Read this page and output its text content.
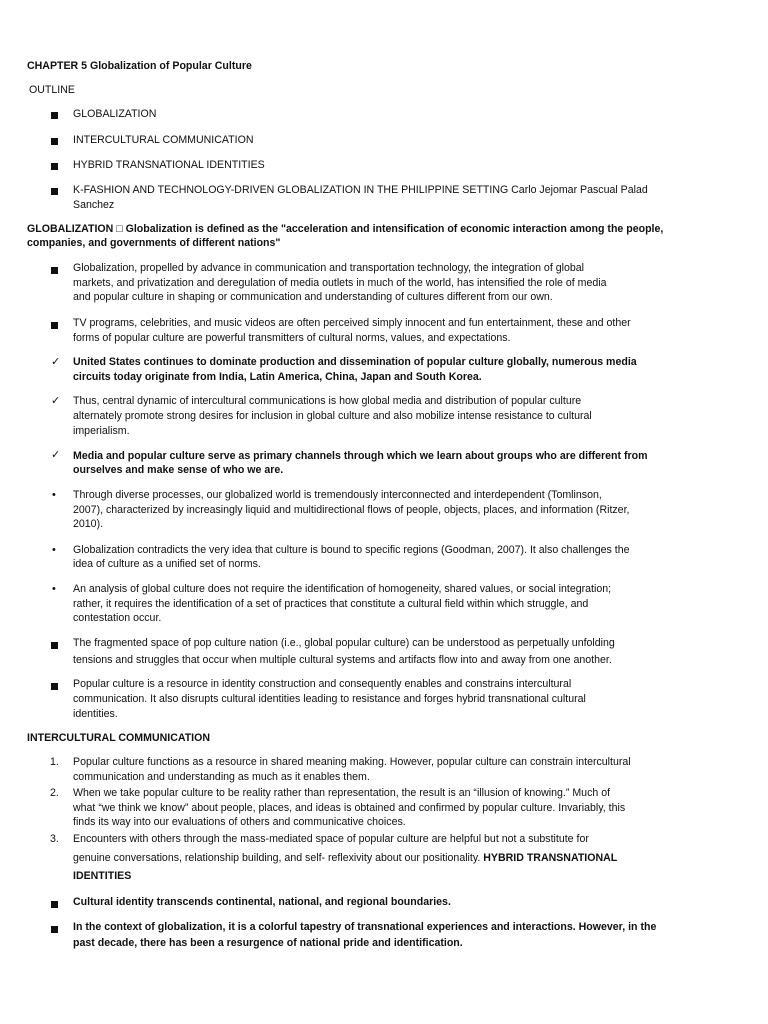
CHAPTER 5 Globalization of Popular Culture

OUTLINE

GLOBALIZATION

INTERCULTURAL COMMUNICATION

HYBRID TRANSNATIONAL IDENTITIES

K-FASHION AND TECHNOLOGY-DRIVEN GLOBALIZATION IN THE PHILIPPINE SETTING Carlo Jejomar Pascual Palad

Sanchez

GLOBALIZATION □ Globalization is defined as the "acceleration and intensification of economic interaction among the people,

companies, and governments of different nations"

Globalization, propelled by advance in communication and transportation technology, the integration of global

markets, and privatization and deregulation of media outlets in much of the world, has intensified the role of media

and popular culture in shaping or communication and understanding of cultures different from our own.

TV programs, celebrities, and music videos are often perceived simply innocent and fun entertainment, these and other

forms of popular culture are powerful transmitters of cultural norms, values, and expectations.

✓ United States continues to dominate production and dissemination of popular culture globally, numerous media

circuits today originate from India, Latin America, China, Japan and South Korea.

✓ Thus, central dynamic of intercultural communications is how global media and distribution of popular culture

alternately promote strong desires for inclusion in global culture and also mobilize intense resistance to cultural

imperialism.

✓ Media and popular culture serve as primary channels through which we learn about groups who are different from

ourselves and make sense of who we are.

• Through diverse processes, our globalized world is tremendously interconnected and interdependent (Tomlinson,

2007), characterized by increasingly liquid and multidirectional flows of people, objects, places, and information (Ritzer,

2010).

• Globalization contradicts the very idea that culture is bound to specific regions (Goodman, 2007). It also challenges the

idea of culture as a unified set of norms.

• An analysis of global culture does not require the identification of homogeneity, shared values, or social integration;

rather, it requires the identification of a set of practices that constitute a cultural field within which struggle, and

contestation occur.

The fragmented space of pop culture nation (i.e., global popular culture) can be understood as perpetually unfolding

tensions and struggles that occur when multiple cultural systems and artifacts flow into and away from one another.

Popular culture is a resource in identity construction and consequently enables and constrains intercultural

communication. It also disrupts cultural identities leading to resistance and forges hybrid transnational cultural

identities.

INTERCULTURAL COMMUNICATION

1. Popular culture functions as a resource in shared meaning making. However, popular culture can constrain intercultural

communication and understanding as much as it enables them.

2. When we take popular culture to be reality rather than representation, the result is an “illusion of knowing.” Much of

what “we think we know” about people, places, and ideas is obtained and confirmed by popular culture. Invariably, this

finds its way into our evaluations of others and communicative choices.

3. Encounters with others through the mass-mediated space of popular culture are helpful but not a substitute for

genuine conversations, relationship building, and self- reflexivity about our positionality. HYBRID TRANSNATIONAL

IDENTITIES

Cultural identity transcends continental, national, and regional boundaries.

In the context of globalization, it is a colorful tapestry of transnational experiences and interactions. However, in the

past decade, there has been a resurgence of national pride and identification.
